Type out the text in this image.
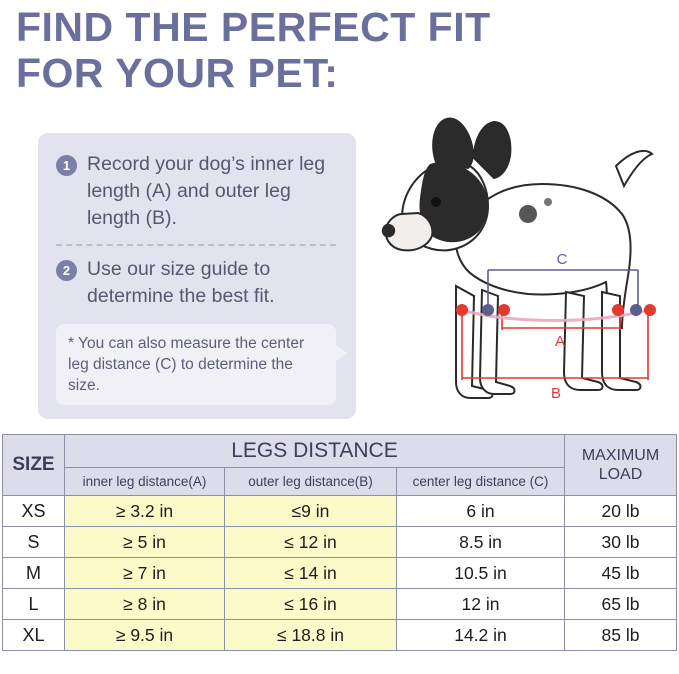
FIND THE PERFECT FIT
FOR YOUR PET:
1 Record your dog’s inner leg length (A) and outer leg length (B).
2 Use our size guide to determine the best fit.
* You can also measure the center leg distance (C) to determine the size.
C
A
B
SIZE	LEGS DISTANCE			MAXIMUM
LOAD

	inner leg distance(A)	outer leg distance(B)	center leg distance (C)	
XS	≥ 3.2 in	≤9 in	6 in	20 lb
S	≥ 5 in	≤ 12 in	8.5 in	30 lb
M	≥ 7 in	≤ 14 in	10.5 in	45 lb
L	≥ 8 in	≤ 16 in	12 in	65 lb
XL	≥ 9.5 in	≤ 18.8 in	14.2 in	85 lb
